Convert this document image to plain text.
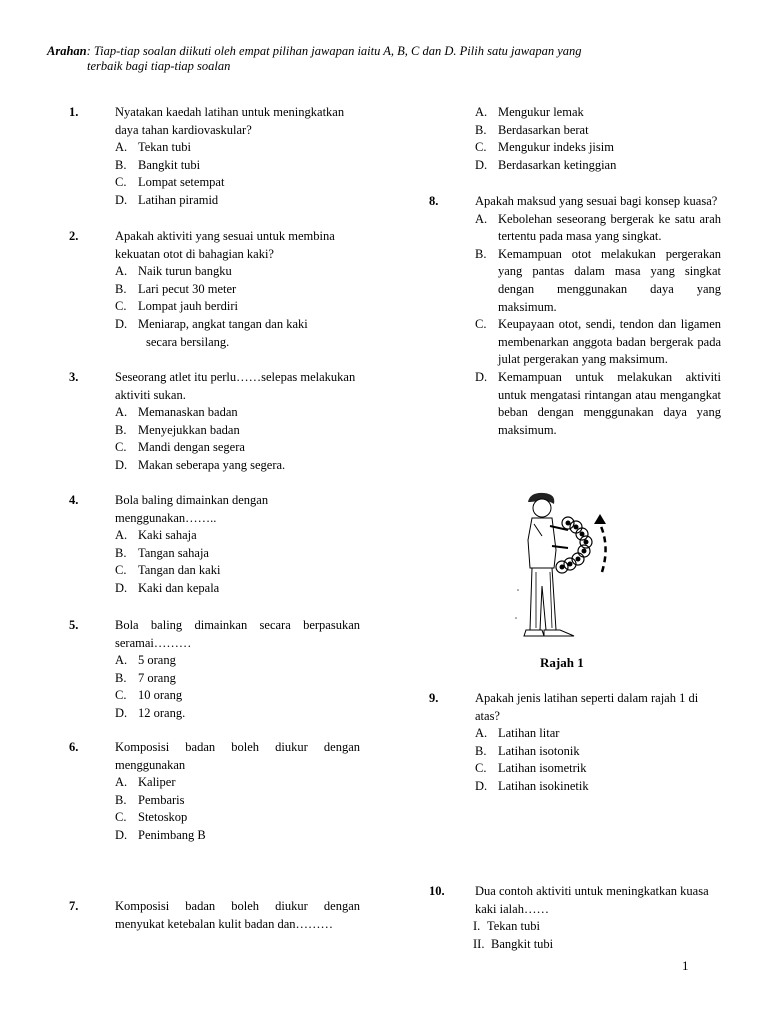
Arahan: Tiap-tiap soalan diikuti oleh empat pilihan jawapan iaitu A, B, C dan D. Pilih satu jawapan yang
terbaik bagi tiap-tiap soalan
1.	Nyatakan kaedah latihan untuk meningkatkan daya tahan kardiovaskular?
A. Tekan tubi
B. Bangkit tubi
C. Lompat setempat
D. Latihan piramid
2.	Apakah aktiviti yang sesuai untuk membina kekuatan otot di bahagian kaki?
A. Naik turun bangku
B. Lari pecut 30 meter
C. Lompat jauh berdiri
D. Meniarap, angkat tangan dan kaki
secara bersilang.
3.	Seseorang atlet itu perlu……selepas melakukan aktiviti sukan.
A. Memanaskan badan
B. Menyejukkan badan
C. Mandi dengan segera
D. Makan seberapa yang segera.
4.	Bola baling dimainkan dengan menggunakan……..
A. Kaki sahaja
B. Tangan sahaja
C. Tangan dan kaki
D. Kaki dan kepala
5.	Bola baling dimainkan secara berpasukan seramai………
A. 5 orang
B. 7 orang
C. 10 orang
D. 12 orang.
6.	Komposisi badan boleh diukur dengan menggunakan
A. Kaliper
B. Pembaris
C. Stetoskop
D. Penimbang B
7.	Komposisi badan boleh diukur dengan menyukat ketebalan kulit badan dan………
A. Mengukur lemak
B. Berdasarkan berat
C. Mengukur indeks jisim
D. Berdasarkan ketinggian
8.	Apakah maksud yang sesuai bagi konsep kuasa?
A. Kebolehan seseorang bergerak ke satu arah tertentu pada masa yang singkat.
B. Kemampuan otot melakukan pergerakan yang pantas dalam masa yang singkat dengan menggunakan daya yang maksimum.
C. Keupayaan otot, sendi, tendon dan ligamen membenarkan anggota badan bergerak pada julat pergerakan yang maksimum.
D. Kemampuan untuk melakukan aktiviti untuk mengatasi rintangan atau mengangkat beban dengan menggunakan daya yang maksimum.
Rajah 1
9.	Apakah jenis latihan seperti dalam rajah 1 di atas?
A. Latihan litar
B. Latihan isotonik
C. Latihan isometrik
D. Latihan isokinetik
10. Dua contoh aktiviti untuk meningkatkan kuasa kaki ialah……
I. Tekan tubi
II. Bangkit tubi
1
